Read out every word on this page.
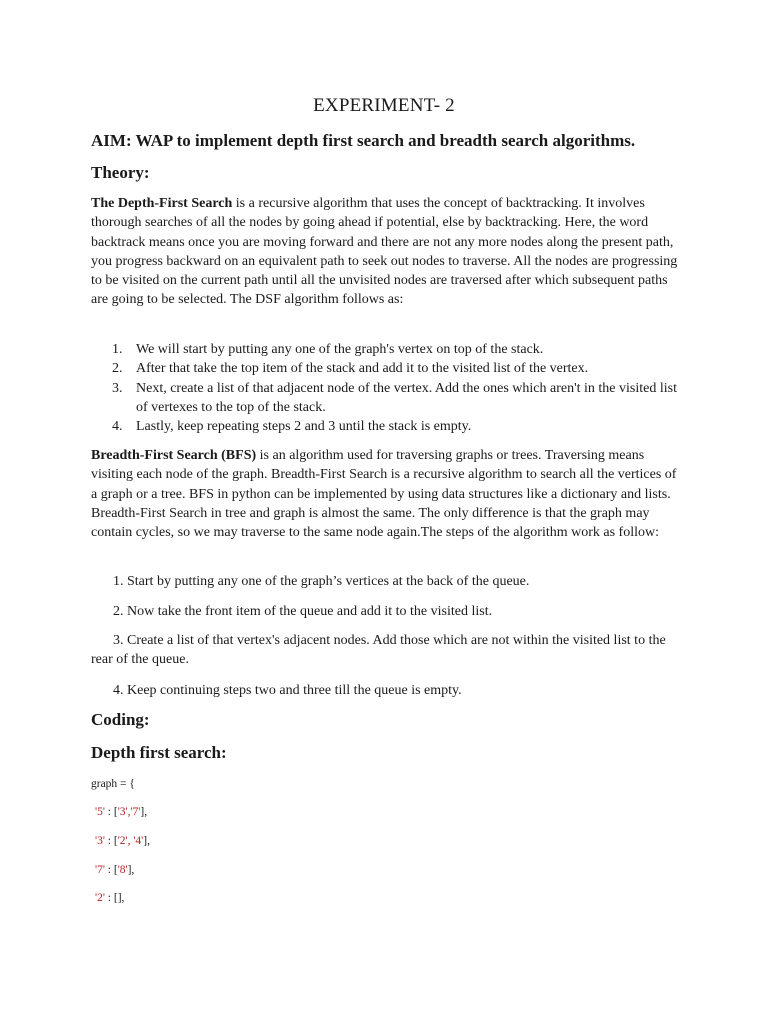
EXPERIMENT- 2
AIM: WAP to implement depth first search and breadth search algorithms.
Theory:
The Depth-First Search is a recursive algorithm that uses the concept of backtracking. It involves thorough searches of all the nodes by going ahead if potential, else by backtracking. Here, the word backtrack means once you are moving forward and there are not any more nodes along the present path, you progress backward on an equivalent path to seek out nodes to traverse. All the nodes are progressing to be visited on the current path until all the unvisited nodes are traversed after which subsequent paths are going to be selected. The DSF algorithm follows as:
1. We will start by putting any one of the graph's vertex on top of the stack.
2. After that take the top item of the stack and add it to the visited list of the vertex.
3. Next, create a list of that adjacent node of the vertex. Add the ones which aren't in the visited list of vertexes to the top of the stack.
4. Lastly, keep repeating steps 2 and 3 until the stack is empty.
Breadth-First Search (BFS) is an algorithm used for traversing graphs or trees. Traversing means visiting each node of the graph. Breadth-First Search is a recursive algorithm to search all the vertices of a graph or a tree. BFS in python can be implemented by using data structures like a dictionary and lists. Breadth-First Search in tree and graph is almost the same. The only difference is that the graph may contain cycles, so we may traverse to the same node again.The steps of the algorithm work as follow:
1. Start by putting any one of the graph’s vertices at the back of the queue.
2. Now take the front item of the queue and add it to the visited list.
3. Create a list of that vertex's adjacent nodes. Add those which are not within the visited list to the rear of the queue.
4. Keep continuing steps two and three till the queue is empty.
Coding:
Depth first search:
graph = {
'5' : ['3','7'],
'3' : ['2', '4'],
'7' : ['8'],
'2' : [],
